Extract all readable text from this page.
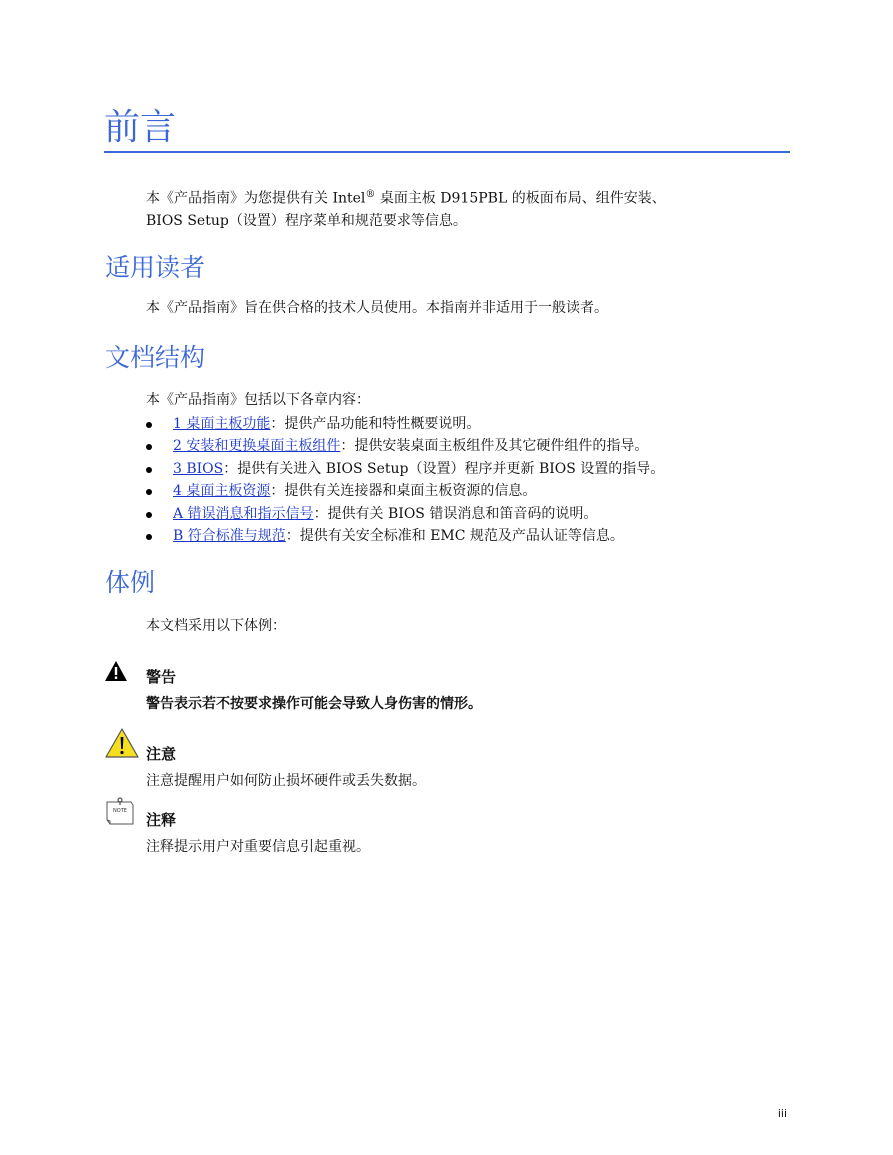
前言

本《产品指南》为您提供有关 Intel® 桌面主板 D915PBL 的板面布局、组件安装、
BIOS Setup（设置）程序菜单和规范要求等信息。

适用读者

本《产品指南》旨在供合格的技术人员使用。本指南并非适用于一般读者。

文档结构

本《产品指南》包括以下各章内容：

1 桌面主板功能：提供产品功能和特性概要说明。
2 安装和更换桌面主板组件：提供安装桌面主板组件及其它硬件组件的指导。
3 BIOS：提供有关进入 BIOS Setup（设置）程序并更新 BIOS 设置的指导。
4 桌面主板资源：提供有关连接器和桌面主板资源的信息。
A 错误消息和指示信号：提供有关 BIOS 错误消息和笛音码的说明。
B 符合标准与规范：提供有关安全标准和 EMC 规范及产品认证等信息。
体例

本文档采用以下体例：

警告

警告表示若不按要求操作可能会导致人身伤害的情形。

注意

注意提醒用户如何防止损坏硬件或丢失数据。

NOTE 注释

注释提示用户对重要信息引起重视。

iii
